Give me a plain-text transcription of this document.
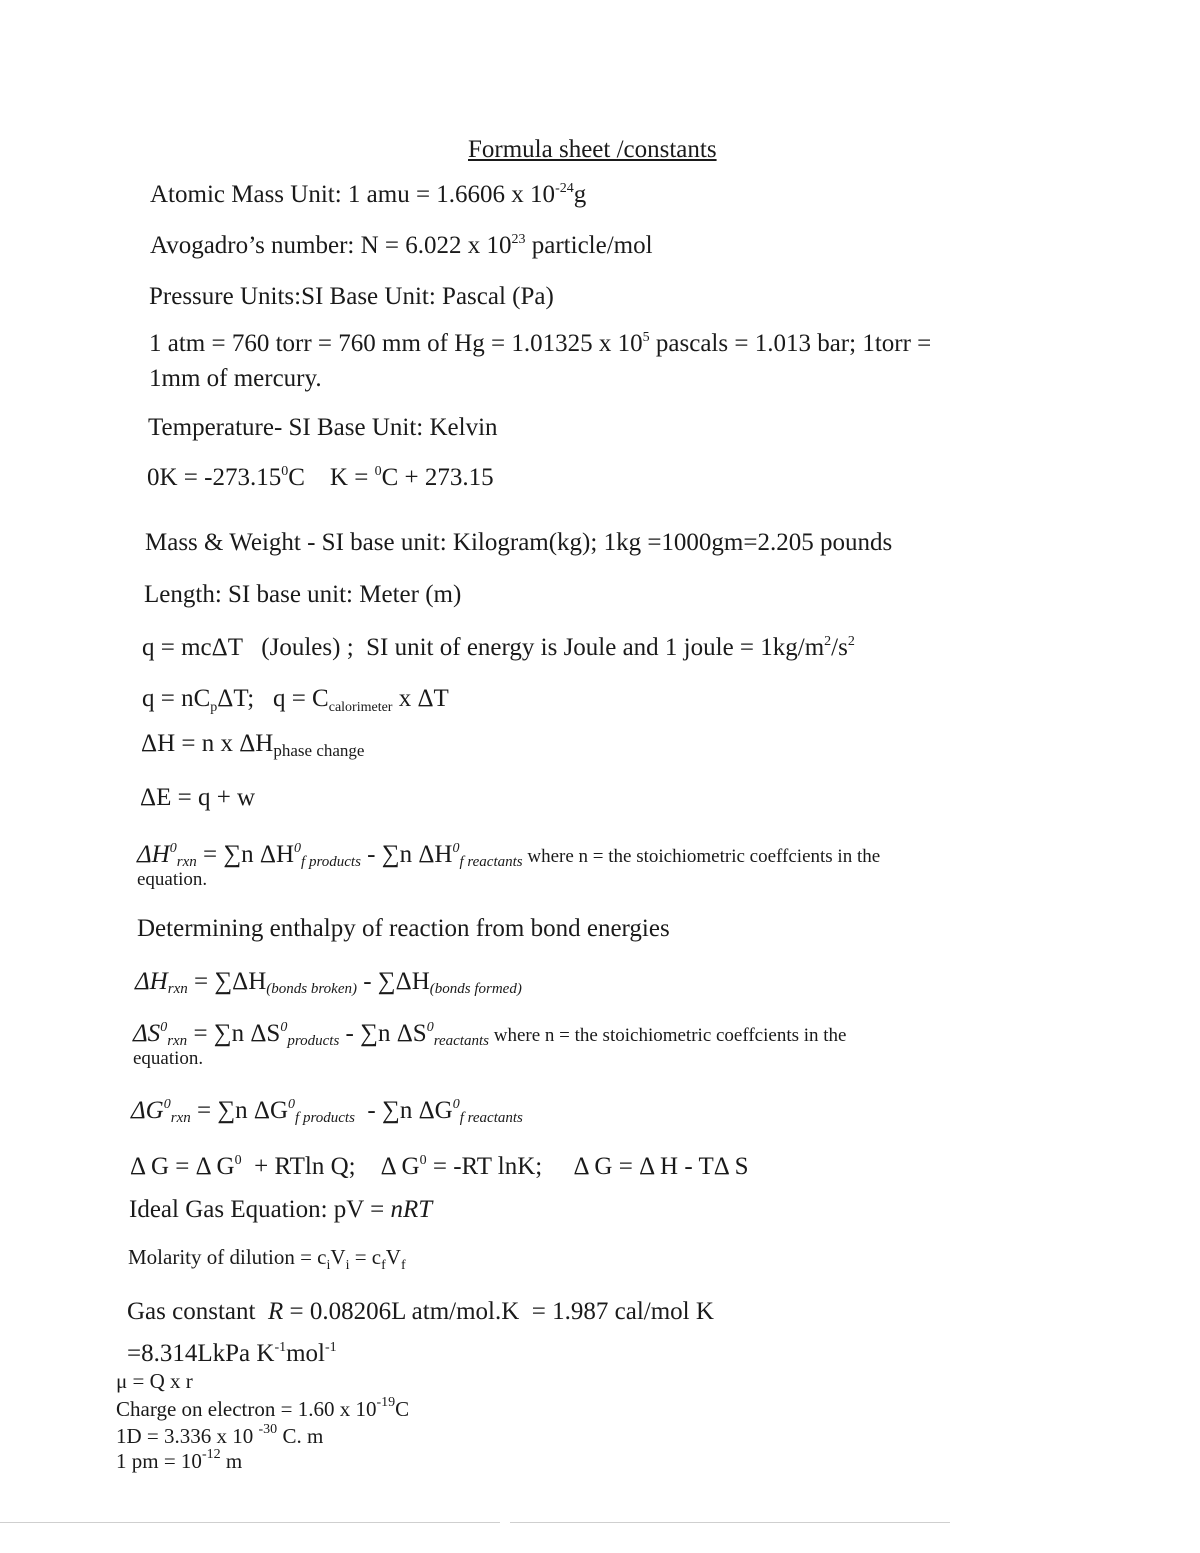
Formula sheet /constants
Atomic Mass Unit: 1 amu = 1.6606 x $10^{-24}g$
Avogadro’s number: N = 6.022 x $10^{23}$ particle/mol
Pressure Units:SI Base Unit: Pascal (Pa)
1 atm = 760 torr = 760 mm of Hg = 1.01325 x $10^5$ pascals = 1.013 bar; 1torr =
1mm of mercury.
Temperature- SI Base Unit: Kelvin
$0K = -273.15^0C$    K = $^0$C + 273.15
Mass & Weight - SI base unit: Kilogram(kg); 1kg =1000gm=2.205 pounds
Length: SI base unit: Meter (m)
q = mcΔT   (Joules) ;  SI unit of energy is Joule and 1 joule = $1kg/m^2/s^2$
$q = nC_p\Delta T$;   $q = C_{calorimeter}$ x ΔT
ΔH = n x $\Delta H_{phase change}$
ΔE = q + w
$\Delta H^0rxn = \sum n$ $\Delta H^0f$ products - ∑n $\Delta H^0f$ reactants where n = the stoichiometric coeffcients in the
equation.
Determining enthalpy of reaction from bond energies
ΔHrxn = ∑ΔH(bonds broken) - ∑ΔH(bonds formed)
$\Delta S^0rxn = \sum n$ $\Delta S^0products - \sum n$ $\Delta S^0reactants$ where n = the stoichiometric coeffcients in the
equation.
$\Delta G^0rxn = \sum n$ $\Delta G^0f$ products  - ∑n $\Delta G^0f$ reactants
Δ G = Δ $G^0 + RTln$ Q;    Δ $G^0 = -RT$ lnK;     Δ G = Δ H - TΔ S
Ideal Gas Equation: pV = nRT
Molarity of dilution = $c_iV_i = c_fV_f$
Gas constant  R = 0.08206L atm/mol.K  = 1.987 cal/mol K
=8.314LkPa $K^{-1}mol^{-1}$
μ = Q x r
Charge on electron = 1.60 x $10^{-19}C$
1D = 3.336 x 10 $^{-30}$ C. m
1 pm = $10^{-12}$ m
